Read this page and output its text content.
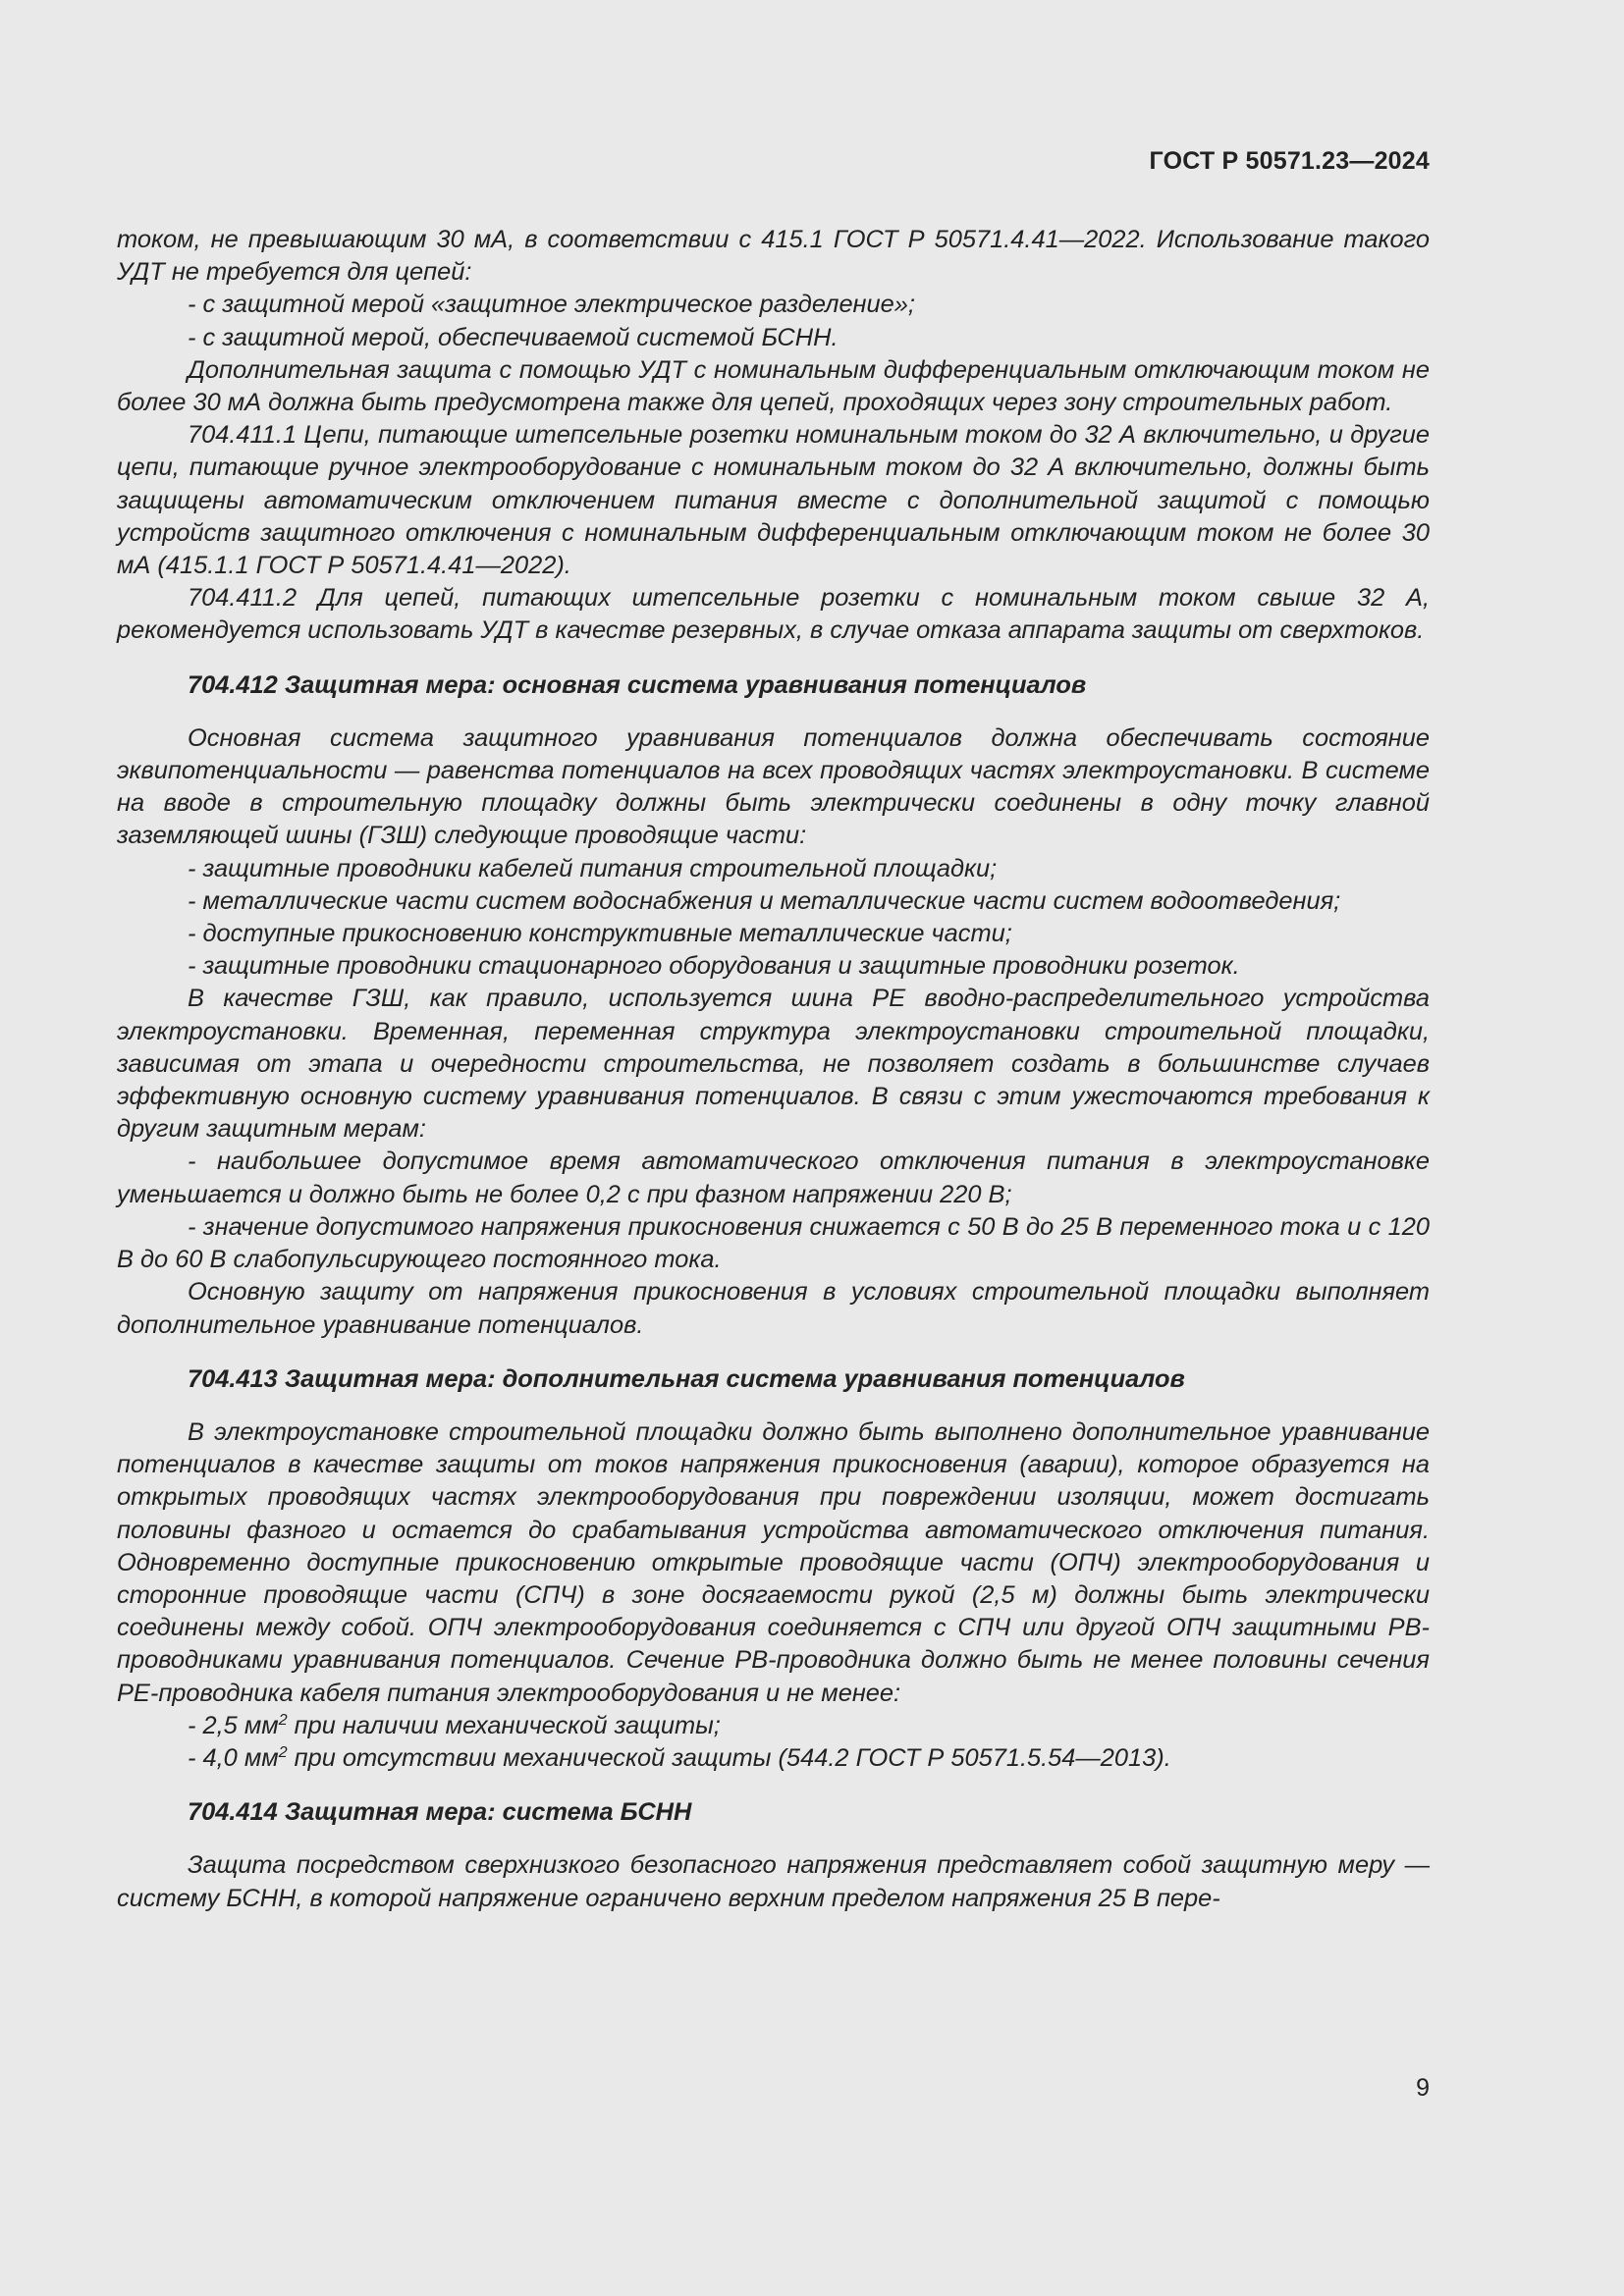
ГОСТ Р 50571.23—2024

током, не превышающим 30 мА, в соответствии с 415.1 ГОСТ Р 50571.4.41—2022. Использование такого УДТ не требуется для цепей:

- с защитной мерой «защитное электрическое разделение»;

- с защитной мерой, обеспечиваемой системой БСНН.

Дополнительная защита с помощью УДТ с номинальным дифференциальным отключающим током не более 30 мА должна быть предусмотрена также для цепей, проходящих через зону строительных работ.

704.411.1 Цепи, питающие штепсельные розетки номинальным током до 32 А включительно, и другие цепи, питающие ручное электрооборудование с номинальным током до 32 А включительно, должны быть защищены автоматическим отключением питания вместе с дополнительной защитой с помощью устройств защитного отключения с номинальным дифференциальным отключающим током не более 30 мА (415.1.1 ГОСТ Р 50571.4.41—2022).

704.411.2 Для цепей, питающих штепсельные розетки с номинальным током свыше 32 А, рекомендуется использовать УДТ в качестве резервных, в случае отказа аппарата защиты от сверхтоков.

704.412 Защитная мера: основная система уравнивания потенциалов

Основная система защитного уравнивания потенциалов должна обеспечивать состояние эквипотенциальности — равенства потенциалов на всех проводящих частях электроустановки. В системе на вводе в строительную площадку должны быть электрически соединены в одну точку главной заземляющей шины (ГЗШ) следующие проводящие части:

- защитные проводники кабелей питания строительной площадки;

- металлические части систем водоснабжения и металлические части систем водоотведения;

- доступные прикосновению конструктивные металлические части;

- защитные проводники стационарного оборудования и защитные проводники розеток.

В качестве ГЗШ, как правило, используется шина РЕ вводно-распределительного устройства электроустановки. Временная, переменная структура электроустановки строительной площадки, зависимая от этапа и очередности строительства, не позволяет создать в большинстве случаев эффективную основную систему уравнивания потенциалов. В связи с этим ужесточаются требования к другим защитным мерам:

- наибольшее допустимое время автоматического отключения питания в электроустановке уменьшается и должно быть не более 0,2 с при фазном напряжении 220 В;

- значение допустимого напряжения прикосновения снижается с 50 В до 25 В переменного тока и с 120 В до 60 В слабопульсирующего постоянного тока.

Основную защиту от напряжения прикосновения в условиях строительной площадки выполняет дополнительное уравнивание потенциалов.

704.413 Защитная мера: дополнительная система уравнивания потенциалов

В электроустановке строительной площадки должно быть выполнено дополнительное уравнивание потенциалов в качестве защиты от токов напряжения прикосновения (аварии), которое образуется на открытых проводящих частях электрооборудования при повреждении изоляции, может достигать половины фазного и остается до срабатывания устройства автоматического отключения питания. Одновременно доступные прикосновению открытые проводящие части (ОПЧ) электрооборудования и сторонние проводящие части (СПЧ) в зоне досягаемости рукой (2,5 м) должны быть электрически соединены между собой. ОПЧ электрооборудования соединяется с СПЧ или другой ОПЧ защитными РВ-проводниками уравнивания потенциалов. Сечение РВ-проводника должно быть не менее половины сечения РЕ-проводника кабеля питания электрооборудования и не менее:

- 2,5 $мм^2$ при наличии механической защиты;

- 4,0 $мм^2$ при отсутствии механической защиты (544.2 ГОСТ Р 50571.5.54—2013).

704.414 Защитная мера: система БСНН

Защита посредством сверхнизкого безопасного напряжения представляет собой защитную меру — систему БСНН, в которой напряжение ограничено верхним пределом напряжения 25 В пере-

9
